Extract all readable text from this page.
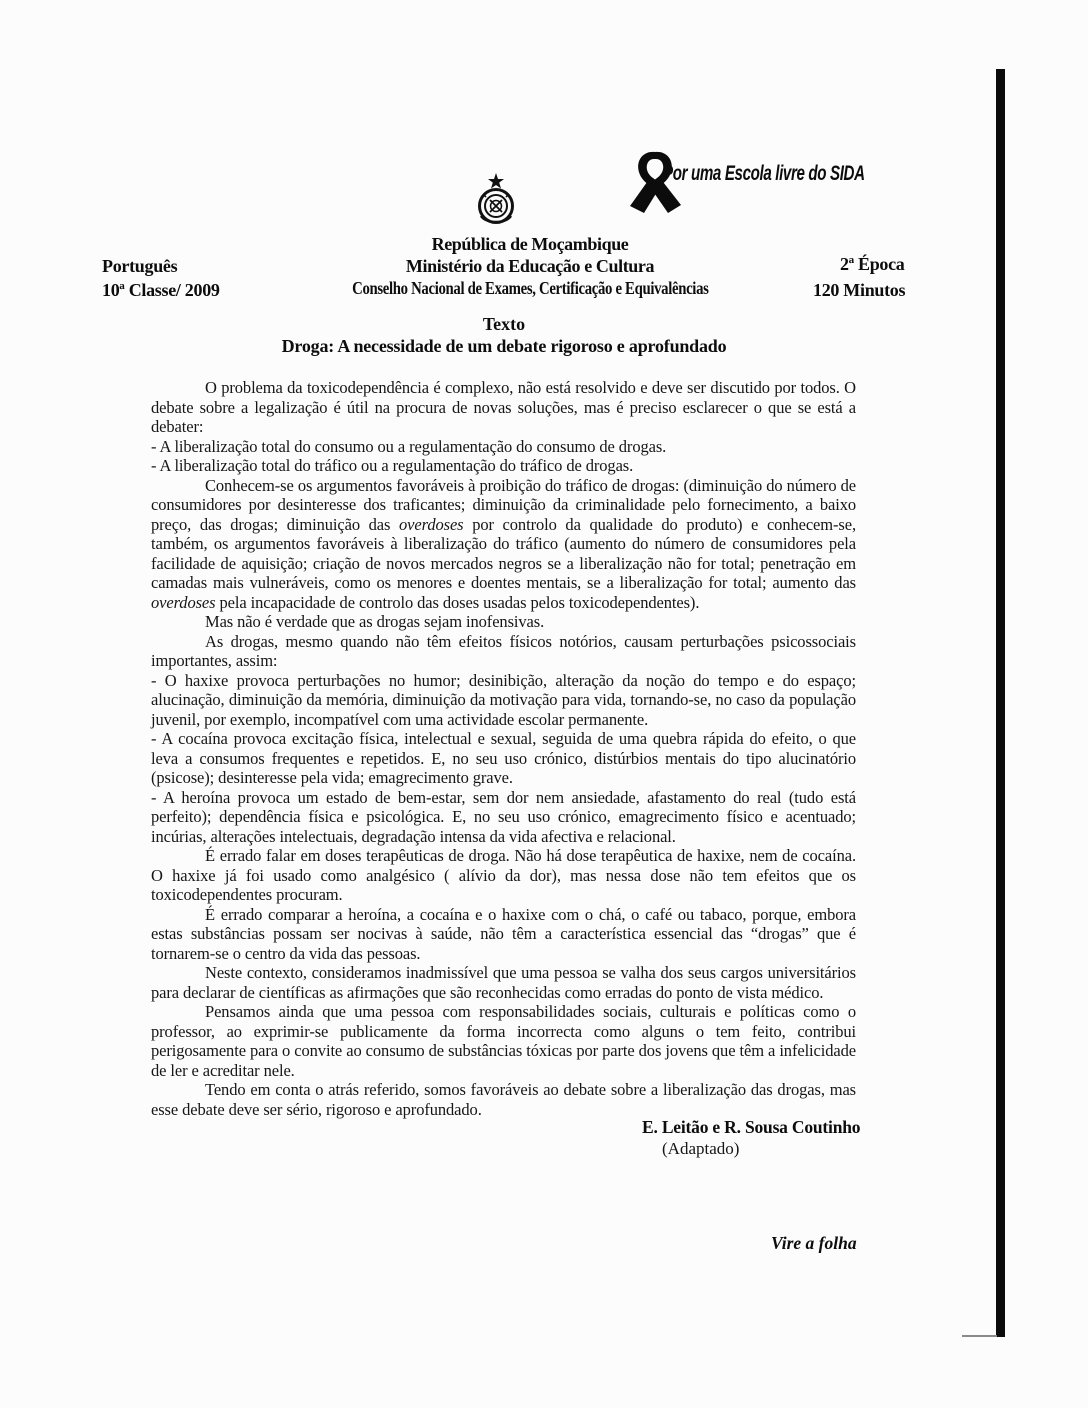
Por uma Escola livre do SIDA
República de Moçambique
Ministério da Educação e Cultura
Conselho Nacional de Exames, Certificação e Equivalências
Português
10ª Classe/ 2009
2ª Época
120 Minutos
Texto
Droga: A necessidade de um debate rigoroso e aprofundado

O problema da toxicodependência é complexo, não está resolvido e deve ser discutido por todos. O debate sobre a legalização é útil na procura de novas soluções, mas é preciso esclarecer o que se está a debater:

- A liberalização total do consumo ou a regulamentação do consumo de drogas.

- A liberalização total do tráfico ou a regulamentação do tráfico de drogas.

Conhecem-se os argumentos favoráveis à proibição do tráfico de drogas: (diminuição do número de consumidores por desinteresse dos traficantes; diminuição da criminalidade pelo fornecimento, a baixo preço, das drogas; diminuição das overdoses por controlo da qualidade do produto) e conhecem-se, também, os argumentos favoráveis à liberalização do tráfico (aumento do número de consumidores pela facilidade de aquisição; criação de novos mercados negros se a liberalização não for total; penetração em camadas mais vulneráveis, como os menores e doentes mentais, se a liberalização for total; aumento das overdoses pela incapacidade de controlo das doses usadas pelos toxicodependentes).

Mas não é verdade que as drogas sejam inofensivas.

As drogas, mesmo quando não têm efeitos físicos notórios, causam perturbações psicossociais importantes, assim:

- O haxixe provoca perturbações no humor; desinibição, alteração da noção do tempo e do espaço; alucinação, diminuição da memória, diminuição da motivação para vida, tornando-se, no caso da população juvenil, por exemplo, incompatível com uma actividade escolar permanente.

- A cocaína provoca excitação física, intelectual e sexual, seguida de uma quebra rápida do efeito, o que leva a consumos frequentes e repetidos. E, no seu uso crónico, distúrbios mentais do tipo alucinatório (psicose); desinteresse pela vida; emagrecimento grave.

- A heroína provoca um estado de bem-estar, sem dor nem ansiedade, afastamento do real (tudo está perfeito); dependência física e psicológica. E, no seu uso crónico, emagrecimento físico e acentuado; incúrias, alterações intelectuais, degradação intensa da vida afectiva e relacional.

É errado falar em doses terapêuticas de droga. Não há dose terapêutica de haxixe, nem de cocaína. O haxixe já foi usado como analgésico ( alívio da dor), mas nessa dose não tem efeitos que os toxicodependentes procuram.

É errado comparar a heroína, a cocaína e o haxixe com o chá, o café ou tabaco, porque, embora estas substâncias possam ser nocivas à saúde, não têm a característica essencial das “drogas” que é tornarem-se o centro da vida das pessoas.

Neste contexto, consideramos inadmissível que uma pessoa se valha dos seus cargos universitários para declarar de científicas as afirmações que são reconhecidas como erradas do ponto de vista médico.

Pensamos ainda que uma pessoa com responsabilidades sociais, culturais e políticas como o professor, ao exprimir-se publicamente da forma incorrecta como alguns o tem feito, contribui perigosamente para o convite ao consumo de substâncias tóxicas por parte dos jovens que têm a infelicidade de ler e acreditar nele.

Tendo em conta o atrás referido, somos favoráveis ao debate sobre a liberalização das drogas, mas esse debate deve ser sério, rigoroso e aprofundado.

E. Leitão e R. Sousa Coutinho
(Adaptado)
Vire a folha
